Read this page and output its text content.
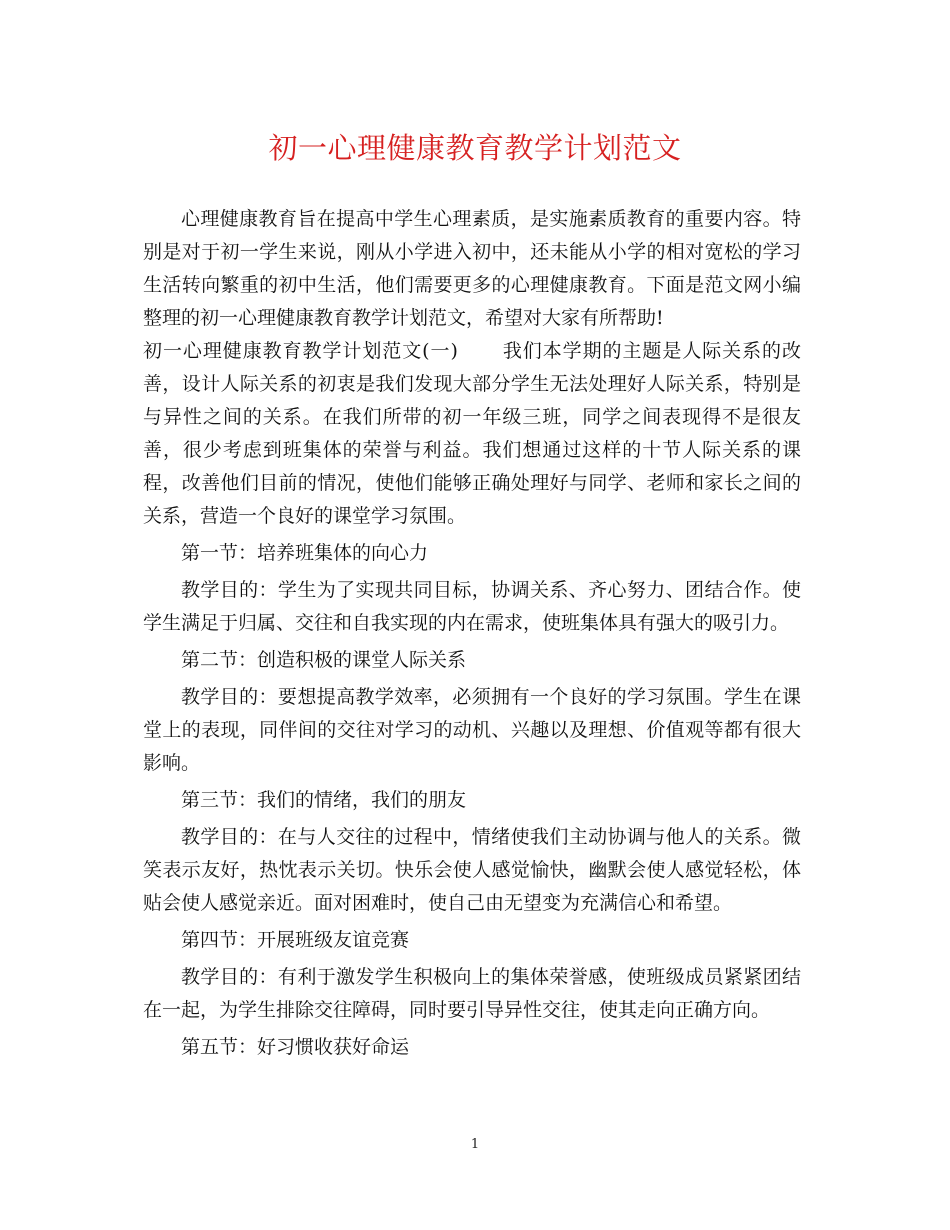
初一心理健康教育教学计划范文

心理健康教育旨在提高中学生心理素质，是实施素质教育的重要内容。特别是对于初一学生来说，刚从小学进入初中，还未能从小学的相对宽松的学习生活转向繁重的初中生活，他们需要更多的心理健康教育。下面是范文网小编整理的初一心理健康教育教学计划范文，希望对大家有所帮助!

初一心理健康教育教学计划范文(一) 我们本学期的主题是人际关系的改善，设计人际关系的初衷是我们发现大部分学生无法处理好人际关系，特别是与异性之间的关系。在我们所带的初一年级三班，同学之间表现得不是很友善，很少考虑到班集体的荣誉与利益。我们想通过这样的十节人际关系的课程，改善他们目前的情况，使他们能够正确处理好与同学、老师和家长之间的关系，营造一个良好的课堂学习氛围。

第一节：培养班集体的向心力

教学目的：学生为了实现共同目标，协调关系、齐心努力、团结合作。使学生满足于归属、交往和自我实现的内在需求，使班集体具有强大的吸引力。

第二节：创造积极的课堂人际关系

教学目的：要想提高教学效率，必须拥有一个良好的学习氛围。学生在课堂上的表现，同伴间的交往对学习的动机、兴趣以及理想、价值观等都有很大影响。

第三节：我们的情绪，我们的朋友

教学目的：在与人交往的过程中，情绪使我们主动协调与他人的关系。微笑表示友好，热忱表示关切。快乐会使人感觉愉快，幽默会使人感觉轻松，体贴会使人感觉亲近。面对困难时，使自己由无望变为充满信心和希望。

第四节：开展班级友谊竞赛

教学目的：有利于激发学生积极向上的集体荣誉感，使班级成员紧紧团结在一起，为学生排除交往障碍，同时要引导异性交往，使其走向正确方向。

第五节：好习惯收获好命运

1
